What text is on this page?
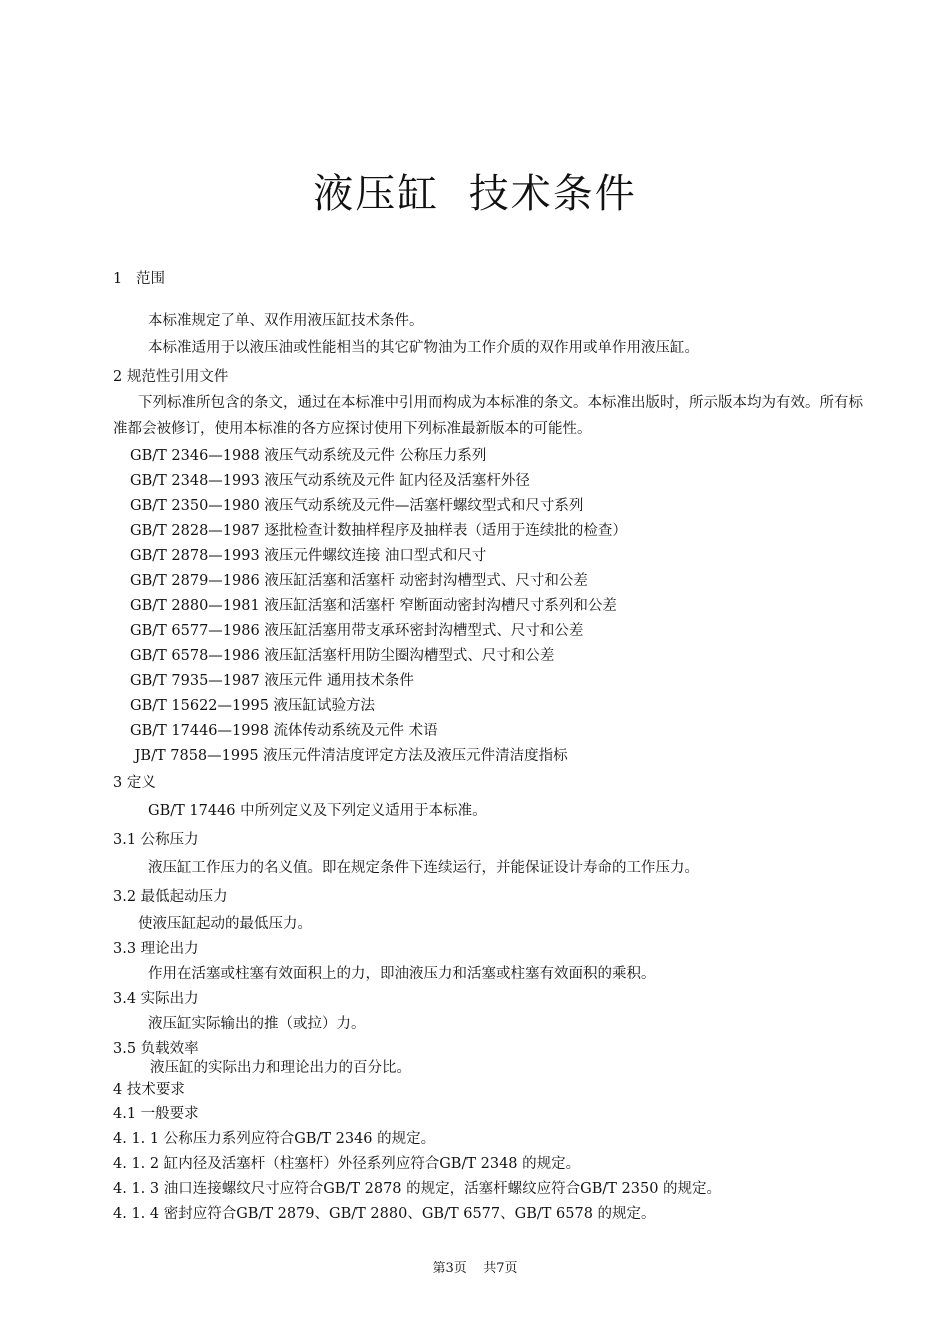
液压缸  技术条件
1   范围
本标准规定了单、双作用液压缸技术条件。
本标准适用于以液压油或性能相当的其它矿物油为工作介质的双作用或单作用液压缸。
2 规范性引用文件
下列标准所包含的条文，通过在本标准中引用而构成为本标准的条文。本标准出版时，所示版本均为有效。所有标准都会被修订，使用本标准的各方应探讨使用下列标准最新版本的可能性。
GB/T 2346—1988 液压气动系统及元件 公称压力系列
GB/T 2348—1993 液压气动系统及元件 缸内径及活塞杆外径
GB/T 2350—1980 液压气动系统及元件—活塞杆螺纹型式和尺寸系列
GB/T 2828—1987 逐批检查计数抽样程序及抽样表（适用于连续批的检查）
GB/T 2878—1993 液压元件螺纹连接 油口型式和尺寸
GB/T 2879—1986 液压缸活塞和活塞杆 动密封沟槽型式、尺寸和公差
GB/T 2880—1981 液压缸活塞和活塞杆 窄断面动密封沟槽尺寸系列和公差
GB/T 6577—1986 液压缸活塞用带支承环密封沟槽型式、尺寸和公差
GB/T 6578—1986 液压缸活塞杆用防尘圈沟槽型式、尺寸和公差
GB/T 7935—1987 液压元件 通用技术条件
GB/T 15622—1995 液压缸试验方法
GB/T 17446—1998 流体传动系统及元件 术语
JB/T 7858—1995 液压元件清洁度评定方法及液压元件清洁度指标
3 定义
GB/T 17446 中所列定义及下列定义适用于本标准。
3.1 公称压力
液压缸工作压力的名义值。即在规定条件下连续运行，并能保证设计寿命的工作压力。
3.2 最低起动压力
使液压缸起动的最低压力。
3.3 理论出力
作用在活塞或柱塞有效面积上的力，即油液压力和活塞或柱塞有效面积的乘积。
3.4 实际出力
液压缸实际输出的推（或拉）力。
3.5 负载效率
液压缸的实际出力和理论出力的百分比。
4 技术要求
4.1 一般要求
4. 1. 1 公称压力系列应符合GB/T 2346 的规定。
4. 1. 2 缸内径及活塞杆（柱塞杆）外径系列应符合GB/T 2348 的规定。
4. 1. 3 油口连接螺纹尺寸应符合GB/T 2878 的规定，活塞杆螺纹应符合GB/T 2350 的规定。
4. 1. 4 密封应符合GB/T 2879、GB/T 2880、GB/T 6577、GB/T 6578 的规定。
第3页    共7页
